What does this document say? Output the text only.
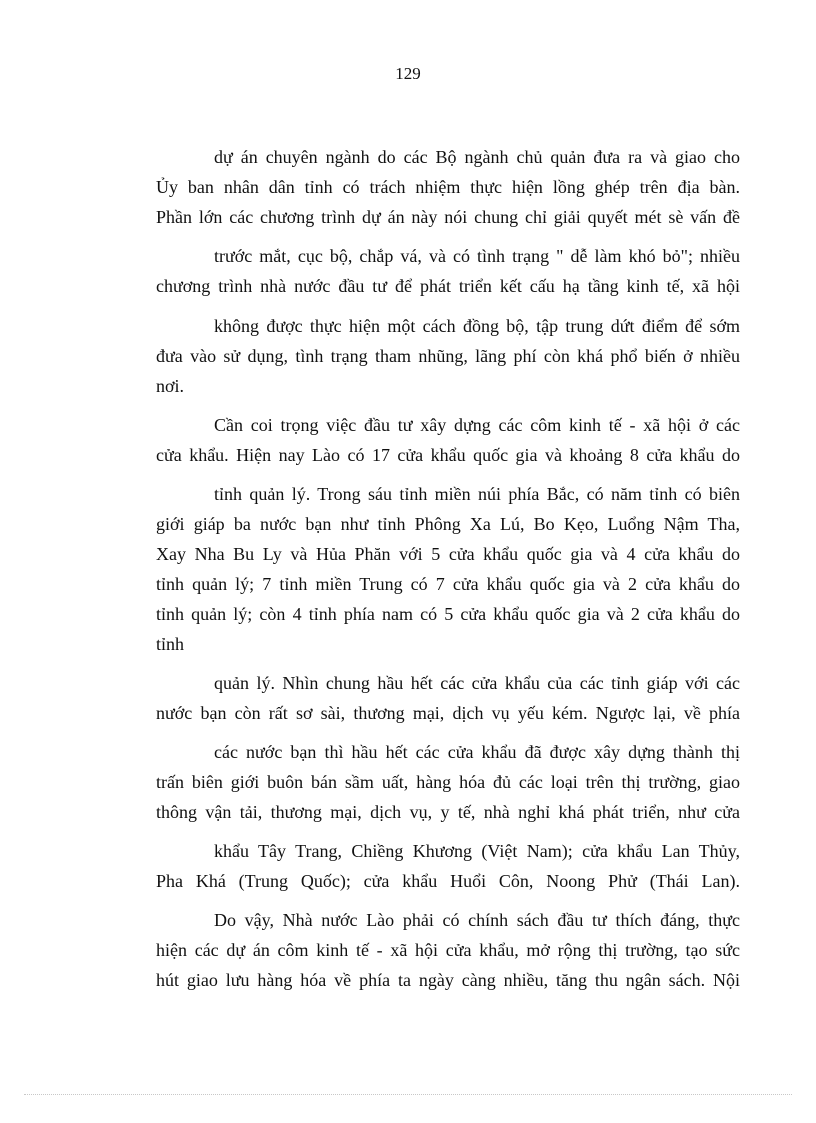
129
dự án chuyên ngành do các Bộ ngành chủ quản đưa ra và giao cho
Ủy ban nhân dân tỉnh có trách nhiệm thực hiện lồng ghép trên địa bàn.
Phần lớn các chương trình dự án này nói chung chỉ giải quyết mét sè vấn đề
trước mắt, cục bộ, chắp vá, và có tình trạng " dễ làm khó bỏ"; nhiều
chương trình nhà nước đầu tư để phát triển kết cấu hạ tầng kinh tế, xã hội
không được thực hiện một cách đồng bộ, tập trung dứt điểm để sớm
đưa vào sử dụng, tình trạng tham nhũng, lãng phí còn khá phổ biến ở nhiều
nơi.
Cần coi trọng việc đầu tư xây dựng các côm kinh tế - xã hội ở các
cửa khẩu. Hiện nay Lào có 17 cửa khẩu quốc gia và khoảng 8 cửa khẩu do
tỉnh quản lý. Trong sáu tỉnh miền núi phía Bắc, có năm tỉnh có biên
giới giáp ba nước bạn như tỉnh Phông Xa Lú, Bo Kẹo, Luổng Nậm Tha,
Xay Nha Bu Ly và Hủa Phăn với 5 cửa khẩu quốc gia và 4 cửa khẩu do
tỉnh quản lý; 7 tỉnh miền Trung có 7 cửa khẩu quốc gia và 2 cửa khẩu do
tỉnh quản lý; còn 4 tỉnh phía nam có 5 cửa khẩu quốc gia và 2 cửa khẩu do
tỉnh
quản lý. Nhìn chung hầu hết các cửa khẩu của các tỉnh giáp với các
nước bạn còn rất sơ sài, thương mại, dịch vụ yếu kém. Ngược lại, về phía
các nước bạn thì hầu hết các cửa khẩu đã được xây dựng thành thị
trấn biên giới buôn bán sầm uất, hàng hóa đủ các loại trên thị trường, giao
thông vận tải, thương mại, dịch vụ, y tế, nhà nghỉ khá phát triển, như cửa
khẩu Tây Trang, Chiềng Khương (Việt Nam); cửa khẩu Lan Thủy,
Pha Khá (Trung Quốc); cửa khẩu Huổi Côn, Noong Phử (Thái Lan).
Do vậy, Nhà nước Lào phải có chính sách đầu tư thích đáng, thực
hiện các dự án côm kinh tế - xã hội cửa khẩu, mở rộng thị trường, tạo sức
hút giao lưu hàng hóa về phía ta ngày càng nhiều, tăng thu ngân sách. Nội
